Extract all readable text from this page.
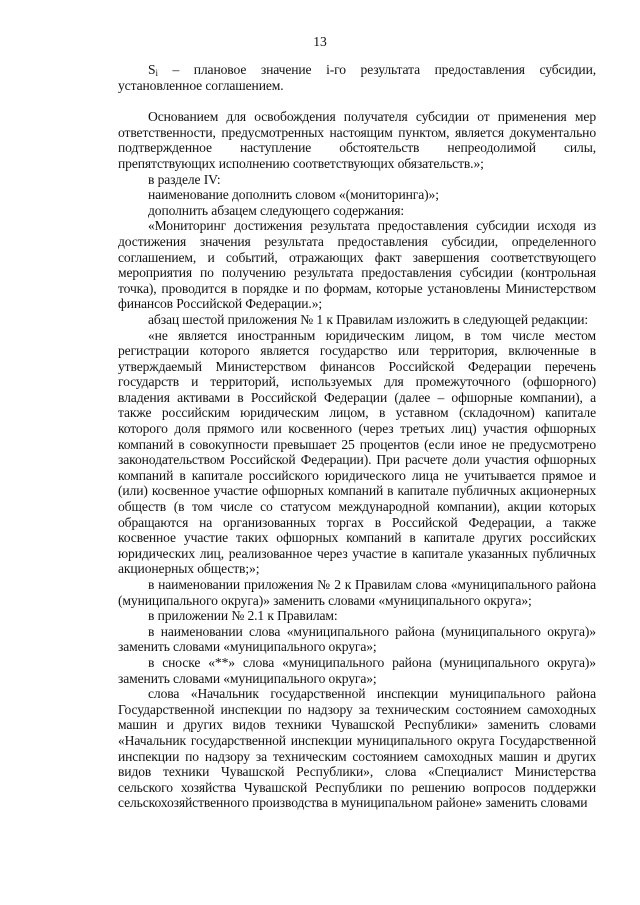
13

$S_i$ – плановое значение i-го результата предоставления субсидии, установленное соглашением.

Основанием для освобождения получателя субсидии от применения мер ответственности, предусмотренных настоящим пунктом, является документально подтвержденное наступление обстоятельств непреодолимой силы, препятствующих исполнению соответствующих обязательств.»;

в разделе IV:

наименование дополнить словом «(мониторинга)»;

дополнить абзацем следующего содержания:

«Мониторинг достижения результата предоставления субсидии исходя из достижения значения результата предоставления субсидии, определенного соглашением, и событий, отражающих факт завершения соответствующего мероприятия по получению результата предоставления субсидии (контрольная точка), проводится в порядке и по формам, которые установлены Министерством финансов Российской Федерации.»;

абзац шестой приложения № 1 к Правилам изложить в следующей редакции:

«не является иностранным юридическим лицом, в том числе местом регистрации которого является государство или территория, включенные в утверждаемый Министерством финансов Российской Федерации перечень государств и территорий, используемых для промежуточного (офшорного) владения активами в Российской Федерации (далее – офшорные компании), а также российским юридическим лицом, в уставном (складочном) капитале которого доля прямого или косвенного (через третьих лиц) участия офшорных компаний в совокупности превышает 25 процентов (если иное не предусмотрено законодательством Российской Федерации). При расчете доли участия офшорных компаний в капитале российского юридического лица не учитывается прямое и (или) косвенное участие офшорных компаний в капитале публичных акционерных обществ (в том числе со статусом международной компании), акции которых обращаются на организованных торгах в Российской Федерации, а также косвенное участие таких офшорных компаний в капитале других российских юридических лиц, реализованное через участие в капитале указанных публичных акционерных обществ;»;

в наименовании приложения № 2 к Правилам слова «муниципального района (муниципального округа)» заменить словами «муниципального округа»;

в приложении № 2.1 к Правилам:

в наименовании слова «муниципального района (муниципального округа)» заменить словами «муниципального округа»;

в сноске «**» слова «муниципального района (муниципального округа)» заменить словами «муниципального округа»;

слова «Начальник государственной инспекции муниципального района Государственной инспекции по надзору за техническим состоянием самоходных машин и других видов техники Чувашской Республики» заменить словами «Начальник государственной инспекции муниципального округа Государственной инспекции по надзору за техническим состоянием самоходных машин и других видов техники Чувашской Республики», слова «Специалист Министерства сельского хозяйства Чувашской Республики по решению вопросов поддержки сельскохозяйственного производства в муниципальном районе» заменить словами
